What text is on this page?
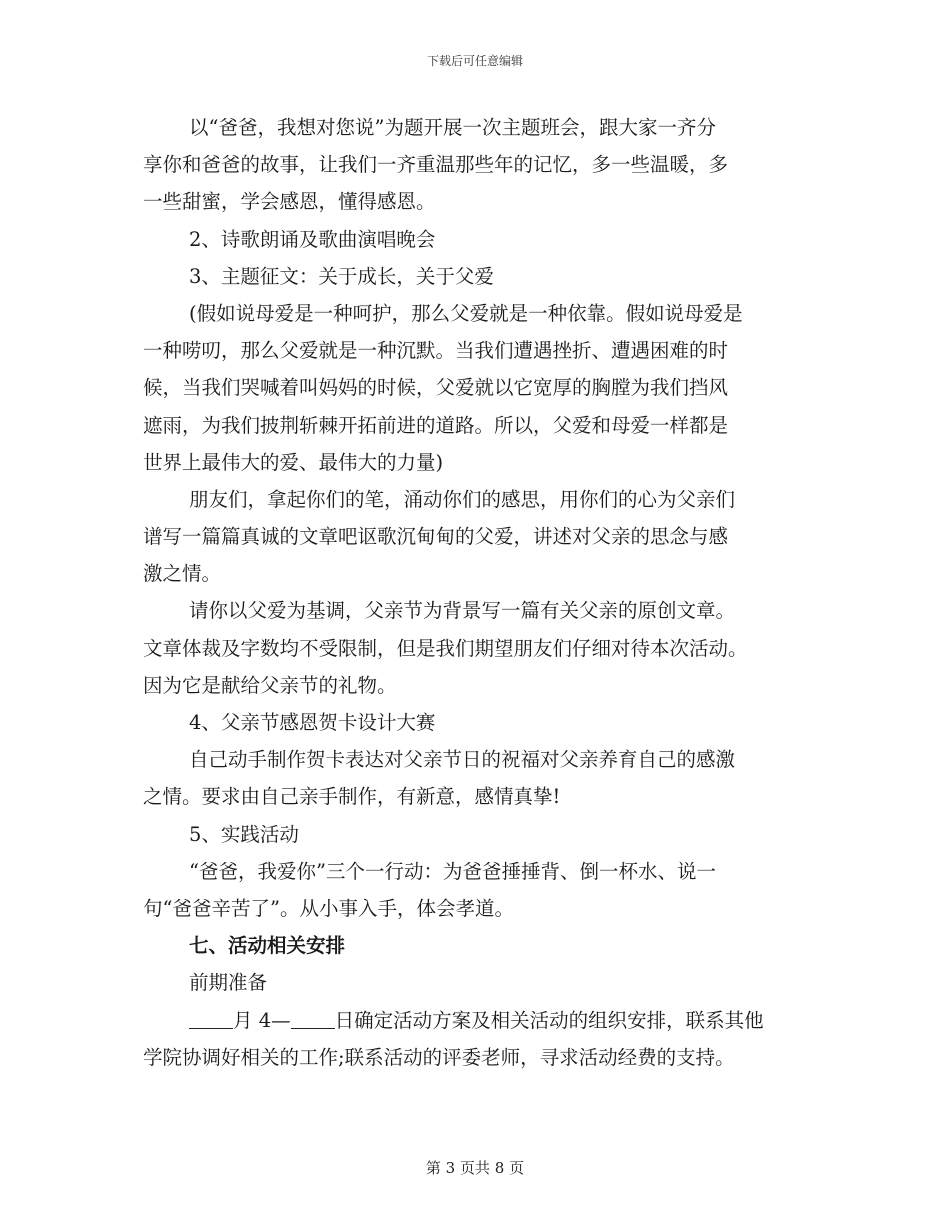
下载后可任意编辑
以“爸爸，我想对您说”为题开展一次主题班会，跟大家一齐分
享你和爸爸的故事，让我们一齐重温那些年的记忆，多一些温暖，多
一些甜蜜，学会感恩，懂得感恩。
2、诗歌朗诵及歌曲演唱晚会
3、主题征文：关于成长，关于父爱
(假如说母爱是一种呵护，那么父爱就是一种依靠。假如说母爱是
一种唠叨，那么父爱就是一种沉默。当我们遭遇挫折、遭遇困难的时
候，当我们哭喊着叫妈妈的时候，父爱就以它宽厚的胸膛为我们挡风
遮雨，为我们披荆斩棘开拓前进的道路。所以，父爱和母爱一样都是
世界上最伟大的爱、最伟大的力量)
朋友们，拿起你们的笔，涌动你们的感思，用你们的心为父亲们
谱写一篇篇真诚的文章吧讴歌沉甸甸的父爱，讲述对父亲的思念与感
激之情。
请你以父爱为基调，父亲节为背景写一篇有关父亲的原创文章。
文章体裁及字数均不受限制，但是我们期望朋友们仔细对待本次活动。
因为它是献给父亲节的礼物。
4、父亲节感恩贺卡设计大赛
自己动手制作贺卡表达对父亲节日的祝福对父亲养育自己的感激
之情。要求由自己亲手制作，有新意，感情真挚!
5、实践活动
“爸爸，我爱你”三个一行动：为爸爸捶捶背、倒一杯水、说一
句“爸爸辛苦了”。从小事入手，体会孝道。
七、活动相关安排
前期准备
月 4— 日确定活动方案及相关活动的组织安排，联系其他
学院协调好相关的工作;联系活动的评委老师，寻求活动经费的支持。
第 3 页共 8 页
